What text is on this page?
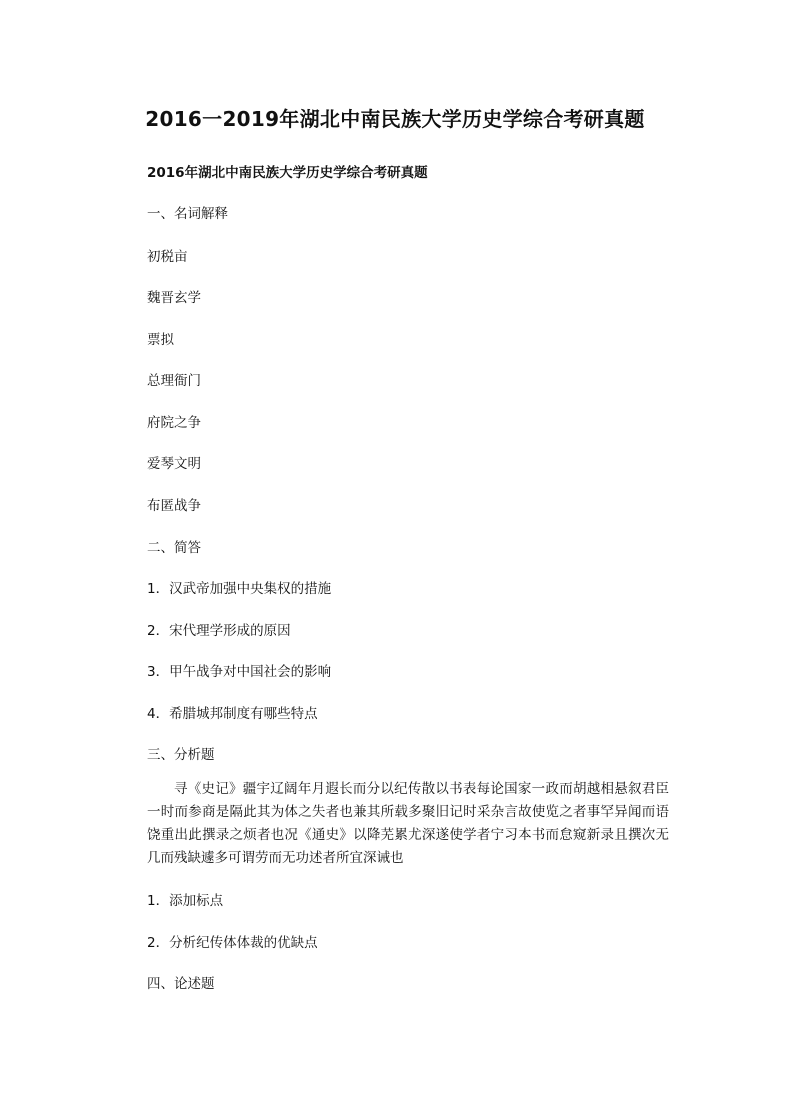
2016一2019年湖北中南民族大学历史学综合考研真题
2016年湖北中南民族大学历史学综合考研真题
一、名词解释
初税亩
魏晋玄学
票拟
总理衙门
府院之争
爱琴文明
布匿战争
二、简答
1．汉武帝加强中央集权的措施
2．宋代理学形成的原因
3．甲午战争对中国社会的影响
4．希腊城邦制度有哪些特点
三、分析题
寻《史记》疆宇辽阔年月遐长而分以纪传散以书表每论国家一政而胡越相悬叙君臣一时而参商是隔此其为体之失者也兼其所载多聚旧记时采杂言故使览之者事罕异闻而语饶重出此撰录之烦者也况《通史》以降芜累尤深遂使学者宁习本书而怠窥新录且撰次无几而残缺遽多可谓劳而无功述者所宜深诫也
1．添加标点
2．分析纪传体体裁的优缺点
四、论述题
